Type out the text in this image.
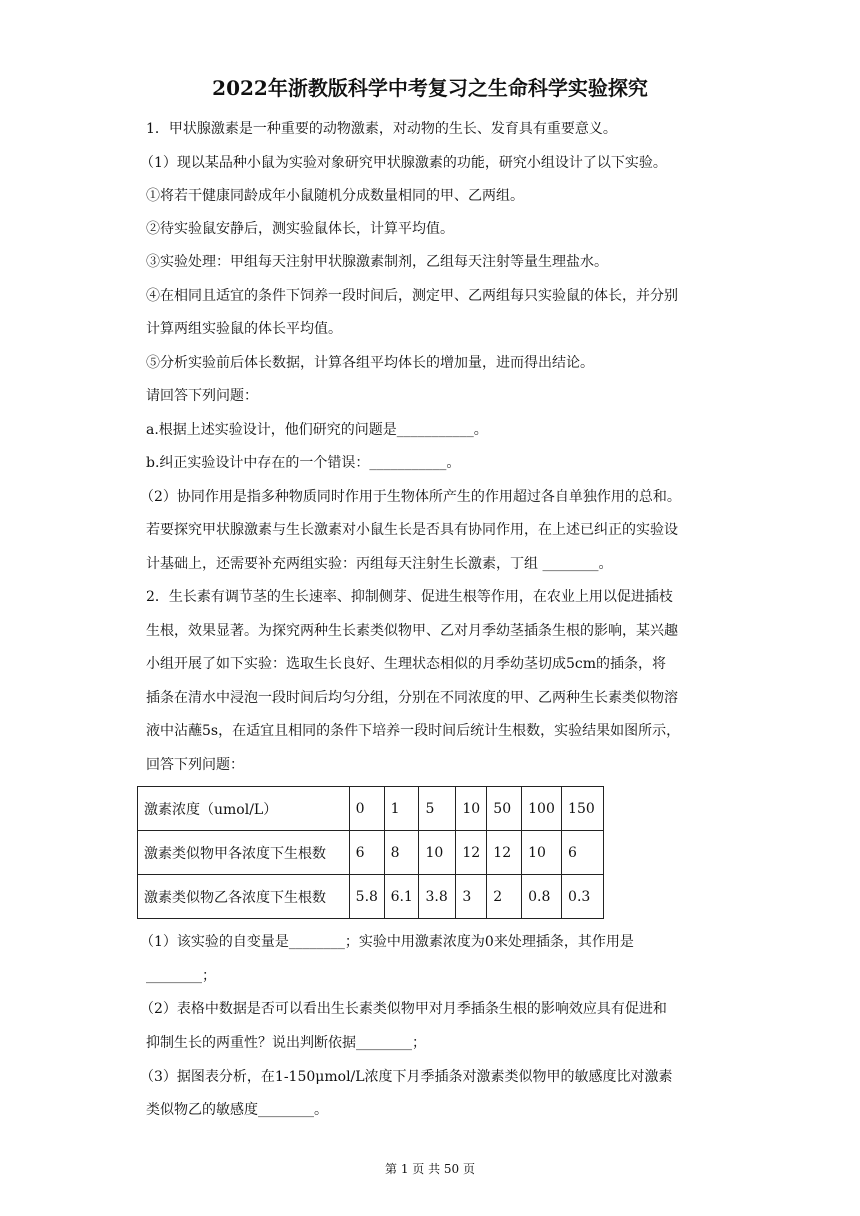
2022年浙教版科学中考复习之生命科学实验探究
1．甲状腺激素是一种重要的动物激素，对动物的生长、发育具有重要意义。
（1）现以某品种小鼠为实验对象研究甲状腺激素的功能，研究小组设计了以下实验。
①将若干健康同龄成年小鼠随机分成数量相同的甲、乙两组。
②待实验鼠安静后，测实验鼠体长，计算平均值。
③实验处理：甲组每天注射甲状腺激素制剂，乙组每天注射等量生理盐水。
④在相同且适宜的条件下饲养一段时间后，测定甲、乙两组每只实验鼠的体长，并分别
计算两组实验鼠的体长平均值。
⑤分析实验前后体长数据，计算各组平均体长的增加量，进而得出结论。
请回答下列问题：
a.根据上述实验设计，他们研究的问题是___________。
b.纠正实验设计中存在的一个错误：___________。
（2）协同作用是指多种物质同时作用于生物体所产生的作用超过各自单独作用的总和。
若要探究甲状腺激素与生长激素对小鼠生长是否具有协同作用，在上述已纠正的实验设
计基础上，还需要补充两组实验：丙组每天注射生长激素，丁组 ________。
2．生长素有调节茎的生长速率、抑制侧芽、促进生根等作用，在农业上用以促进插枝
生根，效果显著。为探究两种生长素类似物甲、乙对月季幼茎插条生根的影响，某兴趣
小组开展了如下实验：选取生长良好、生理状态相似的月季幼茎切成5cm的插条，将
插条在清水中浸泡一段时间后均匀分组，分别在不同浓度的甲、乙两种生长素类似物溶
液中沾蘸5s，在适宜且相同的条件下培养一段时间后统计生根数，实验结果如图所示，
回答下列问题：
激素浓度（umol/L）	0	1	5	10	50	100	150
激素类似物甲各浓度下生根数	6	8	10	12	12	10	6
激素类似物乙各浓度下生根数	5.8	6.1	3.8	3	2	0.8	0.3
（1）该实验的自变量是________；实验中用激素浓度为0来处理插条，其作用是
________；
（2）表格中数据是否可以看出生长素类似物甲对月季插条生根的影响效应具有促进和
抑制生长的两重性？说出判断依据________；
（3）据图表分析，在1-150μmol/L浓度下月季插条对激素类似物甲的敏感度比对激素
类似物乙的敏感度________。
第 1 页 共 50 页
